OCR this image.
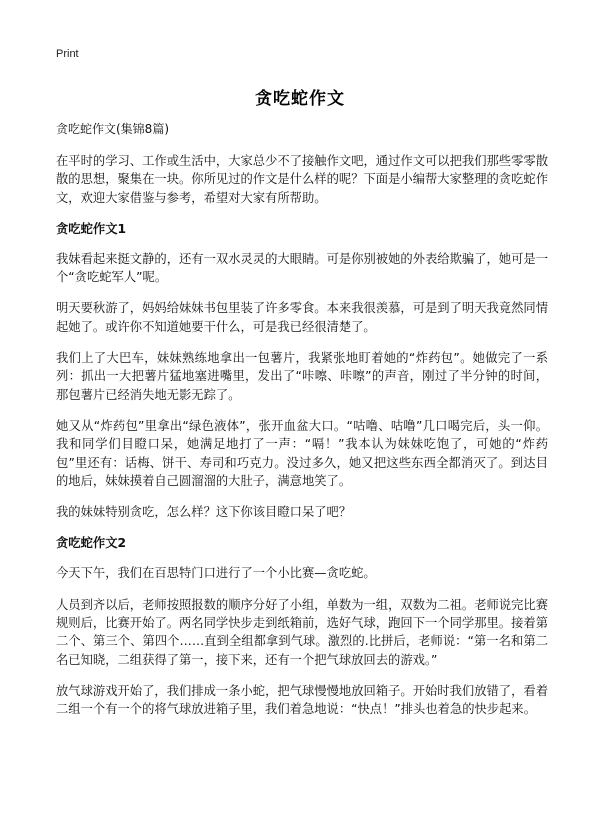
Print
贪吃蛇作文

贪吃蛇作文(集锦8篇)

在平时的学习、工作或生活中，大家总少不了接触作文吧，通过作文可以把我们那些零零散散的思想，聚集在一块。你所见过的作文是什么样的呢？下面是小编帮大家整理的贪吃蛇作文，欢迎大家借鉴与参考，希望对大家有所帮助。

贪吃蛇作文1

我妹看起来挺文静的，还有一双水灵灵的大眼睛。可是你别被她的外表给欺骗了，她可是一个“贪吃蛇军人”呢。

明天要秋游了，妈妈给妹妹书包里装了许多零食。本来我很羡慕，可是到了明天我竟然同情起她了。或许你不知道她要干什么，可是我已经很清楚了。

我们上了大巴车，妹妹熟练地拿出一包薯片，我紧张地盯着她的“炸药包”。她做完了一系列：抓出一大把薯片猛地塞进嘴里，发出了“咔嚓、咔嚓”的声音，刚过了半分钟的时间，那包薯片已经消失地无影无踪了。

她又从“炸药包”里拿出“绿色液体”，张开血盆大口。“咕噜、咕噜”几口喝完后，头一仰。我和同学们目瞪口呆，她满足地打了一声：“嗝！”我本认为妹妹吃饱了，可她的“炸药包”里还有：话梅、饼干、寿司和巧克力。没过多久，她又把这些东西全都消灭了。到达目的地后，妹妹摸着自己圆溜溜的大肚子，满意地笑了。

我的妹妹特别贪吃，怎么样？这下你该目瞪口呆了吧？

贪吃蛇作文2

今天下午，我们在百思特门口进行了一个小比赛—贪吃蛇。

人员到齐以后，老师按照报数的顺序分好了小组，单数为一组，双数为二祖。老师说完比赛规则后，比赛开始了。两名同学快步走到纸箱前，选好气球，跑回下一个同学那里。接着第二个、第三个、第四个……直到全组都拿到气球。激烈的.比拼后，老师说：“第一名和第二名已知晓，二组获得了第一，接下来，还有一个把气球放回去的游戏。”

放气球游戏开始了，我们排成一条小蛇，把气球慢慢地放回箱子。开始时我们放错了，看着二组一个有一个的将气球放进箱子里，我们着急地说：“快点！”排头也着急的快步起来。
